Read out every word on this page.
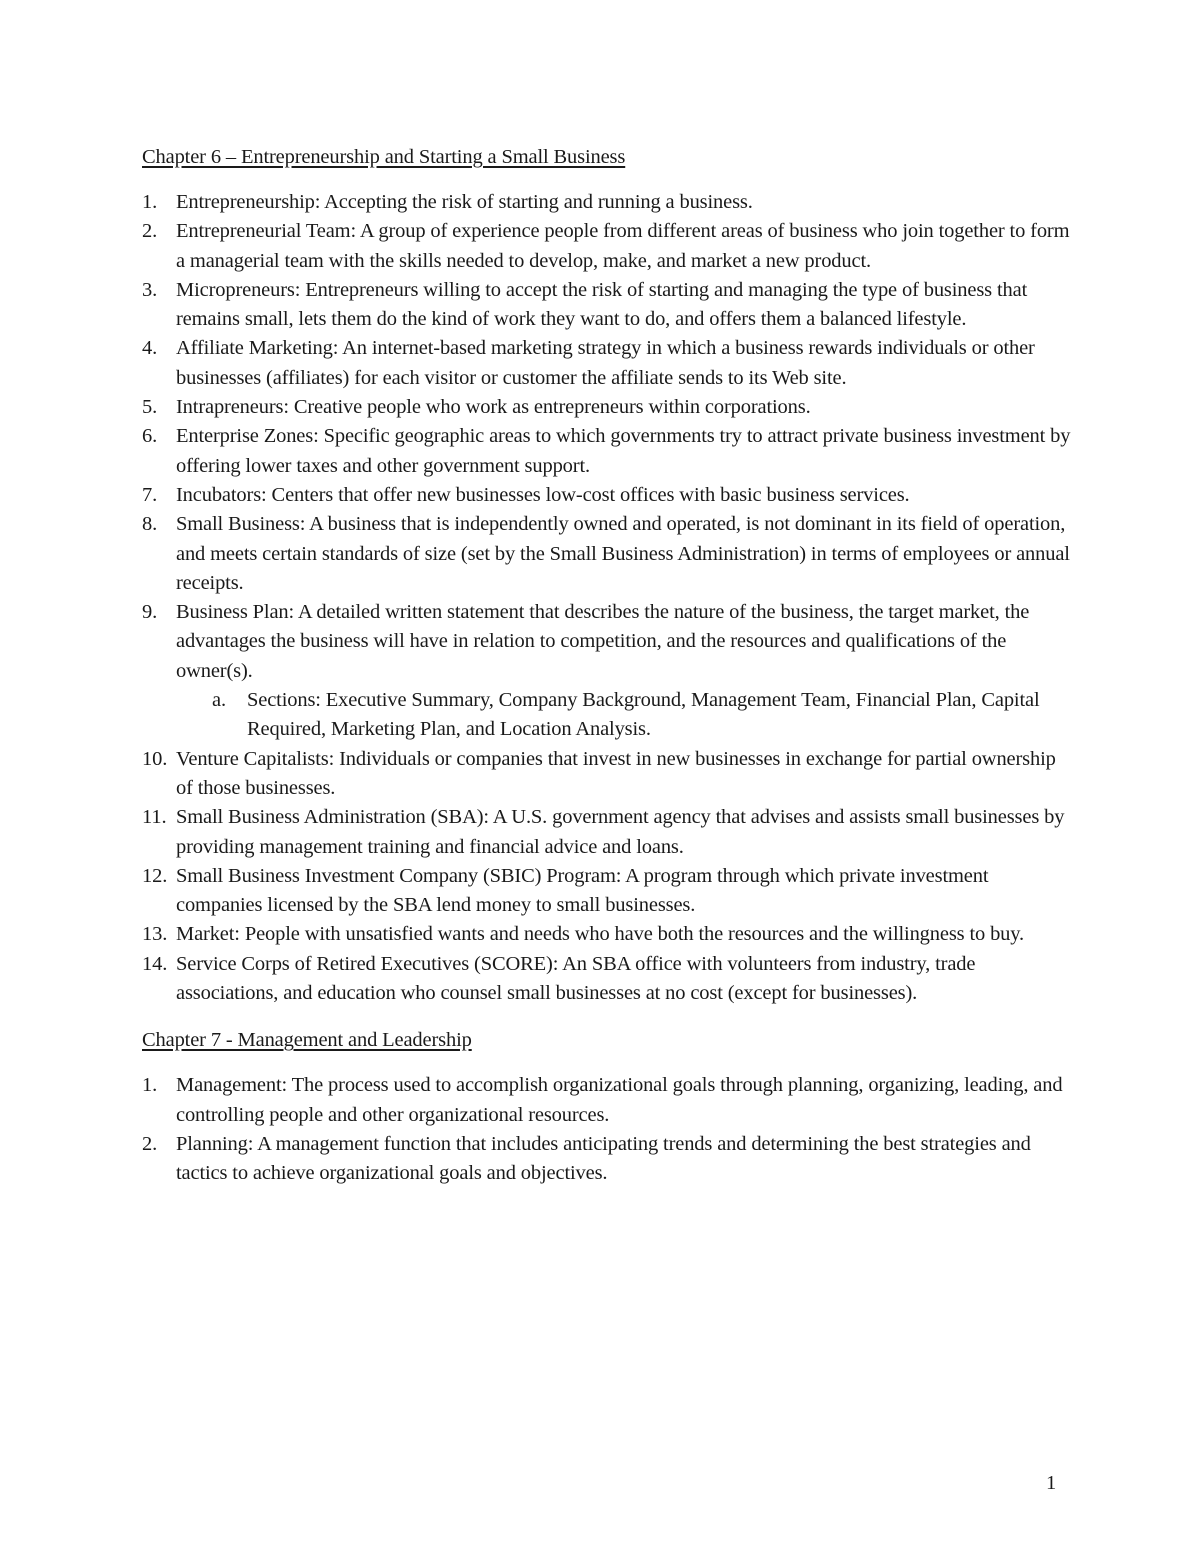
Chapter 6 – Entrepreneurship and Starting a Small Business

1. Entrepreneurship: Accepting the risk of starting and running a business.
2. Entrepreneurial Team: A group of experience people from different areas of business who join together to form a managerial team with the skills needed to develop, make, and market a new product.
3. Micropreneurs: Entrepreneurs willing to accept the risk of starting and managing the type of business that remains small, lets them do the kind of work they want to do, and offers them a balanced lifestyle.
4. Affiliate Marketing: An internet-based marketing strategy in which a business rewards individuals or other businesses (affiliates) for each visitor or customer the affiliate sends to its Web site.
5. Intrapreneurs: Creative people who work as entrepreneurs within corporations.
6. Enterprise Zones: Specific geographic areas to which governments try to attract private business investment by offering lower taxes and other government support.
7. Incubators: Centers that offer new businesses low-cost offices with basic business services.
8. Small Business: A business that is independently owned and operated, is not dominant in its field of operation, and meets certain standards of size (set by the Small Business Administration) in terms of employees or annual receipts.
9. Business Plan: A detailed written statement that describes the nature of the business, the target market, the advantages the business will have in relation to competition, and the resources and qualifications of the owner(s).
a. Sections: Executive Summary, Company Background, Management Team, Financial Plan, Capital Required, Marketing Plan, and Location Analysis.
10. Venture Capitalists: Individuals or companies that invest in new businesses in exchange for partial ownership of those businesses.
11. Small Business Administration (SBA): A U.S. government agency that advises and assists small businesses by providing management training and financial advice and loans.
12. Small Business Investment Company (SBIC) Program: A program through which private investment companies licensed by the SBA lend money to small businesses.
13. Market: People with unsatisfied wants and needs who have both the resources and the willingness to buy.
14. Service Corps of Retired Executives (SCORE): An SBA office with volunteers from industry, trade associations, and education who counsel small businesses at no cost (except for businesses).

Chapter 7 - Management and Leadership

1. Management: The process used to accomplish organizational goals through planning, organizing, leading, and controlling people and other organizational resources.
2. Planning: A management function that includes anticipating trends and determining the best strategies and tactics to achieve organizational goals and objectives.
1
